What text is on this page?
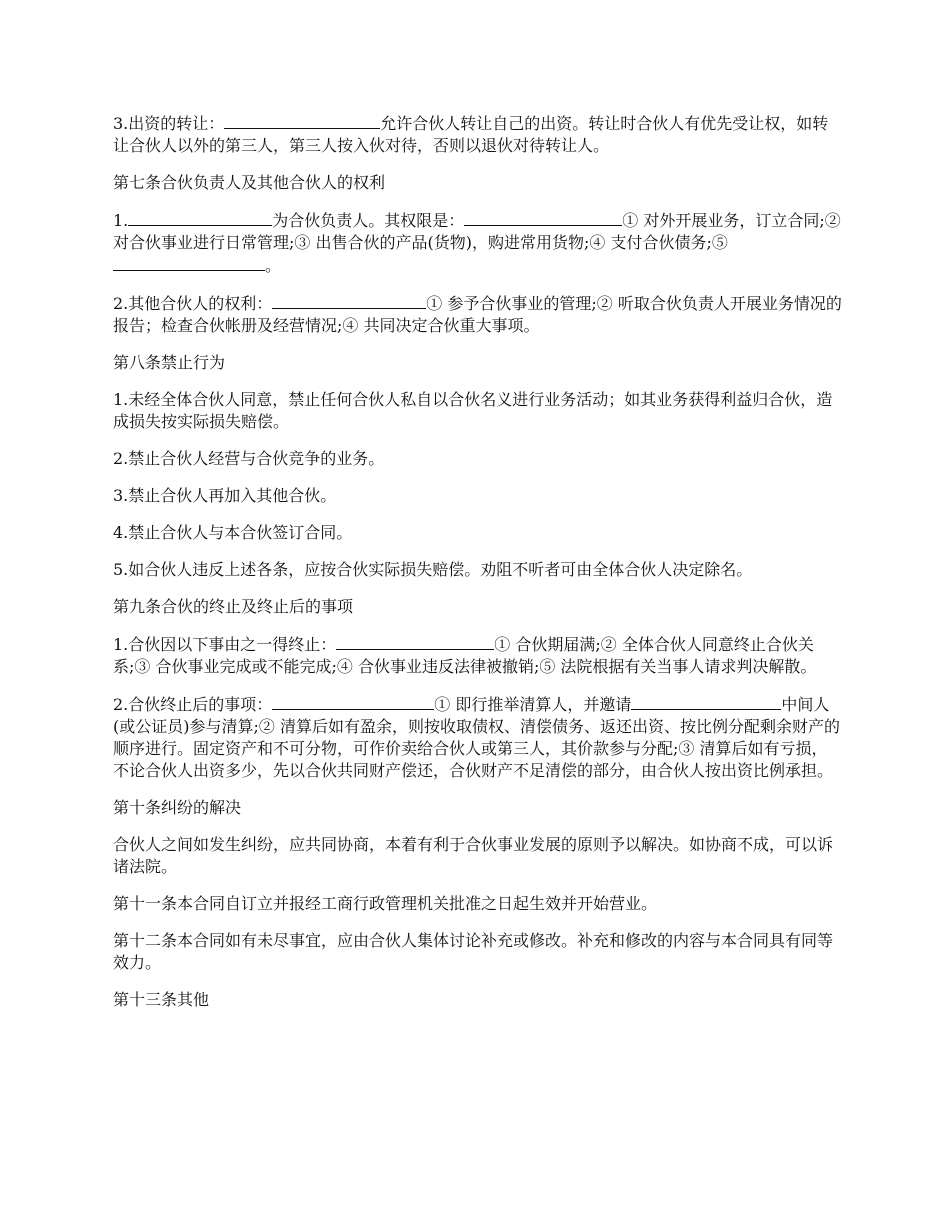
3.出资的转让：	允许合伙人转让自己的出资。转让时合伙人有优先受让权，如转让合伙人以外的第三人，第三人按入伙对待，否则以退伙对待转让人。

第七条合伙负责人及其他合伙人的权利

1.	为合伙负责人。其权限是：	① 对外开展业务，订立合同;② 对合伙事业进行日常管理;③ 出售合伙的产品(货物)，购进常用货物;④ 支付合伙债务;⑤。

2.其他合伙人的权利：	① 参予合伙事业的管理;② 听取合伙负责人开展业务情况的报告；检查合伙帐册及经营情况;④ 共同决定合伙重大事项。

第八条禁止行为

1.未经全体合伙人同意，禁止任何合伙人私自以合伙名义进行业务活动；如其业务获得利益归合伙，造成损失按实际损失赔偿。

2.禁止合伙人经营与合伙竞争的业务。

3.禁止合伙人再加入其他合伙。

4.禁止合伙人与本合伙签订合同。

5.如合伙人违反上述各条，应按合伙实际损失赔偿。劝阻不听者可由全体合伙人决定除名。

第九条合伙的终止及终止后的事项

1.合伙因以下事由之一得终止：	① 合伙期届满;② 全体合伙人同意终止合伙关系;③ 合伙事业完成或不能完成;④ 合伙事业违反法律被撤销;⑤ 法院根据有关当事人请求判决解散。

2.合伙终止后的事项：	① 即行推举清算人，并邀请	中间人(或公证员)参与清算;② 清算后如有盈余，则按收取债权、清偿债务、返还出资、按比例分配剩余财产的顺序进行。固定资产和不可分物，可作价卖给合伙人或第三人，其价款参与分配;③ 清算后如有亏损，不论合伙人出资多少，先以合伙共同财产偿还，合伙财产不足清偿的部分，由合伙人按出资比例承担。

第十条纠纷的解决

合伙人之间如发生纠纷，应共同协商，本着有利于合伙事业发展的原则予以解决。如协商不成，可以诉诸法院。

第十一条本合同自订立并报经工商行政管理机关批准之日起生效并开始营业。

第十二条本合同如有未尽事宜，应由合伙人集体讨论补充或修改。补充和修改的内容与本合同具有同等效力。

第十三条其他
